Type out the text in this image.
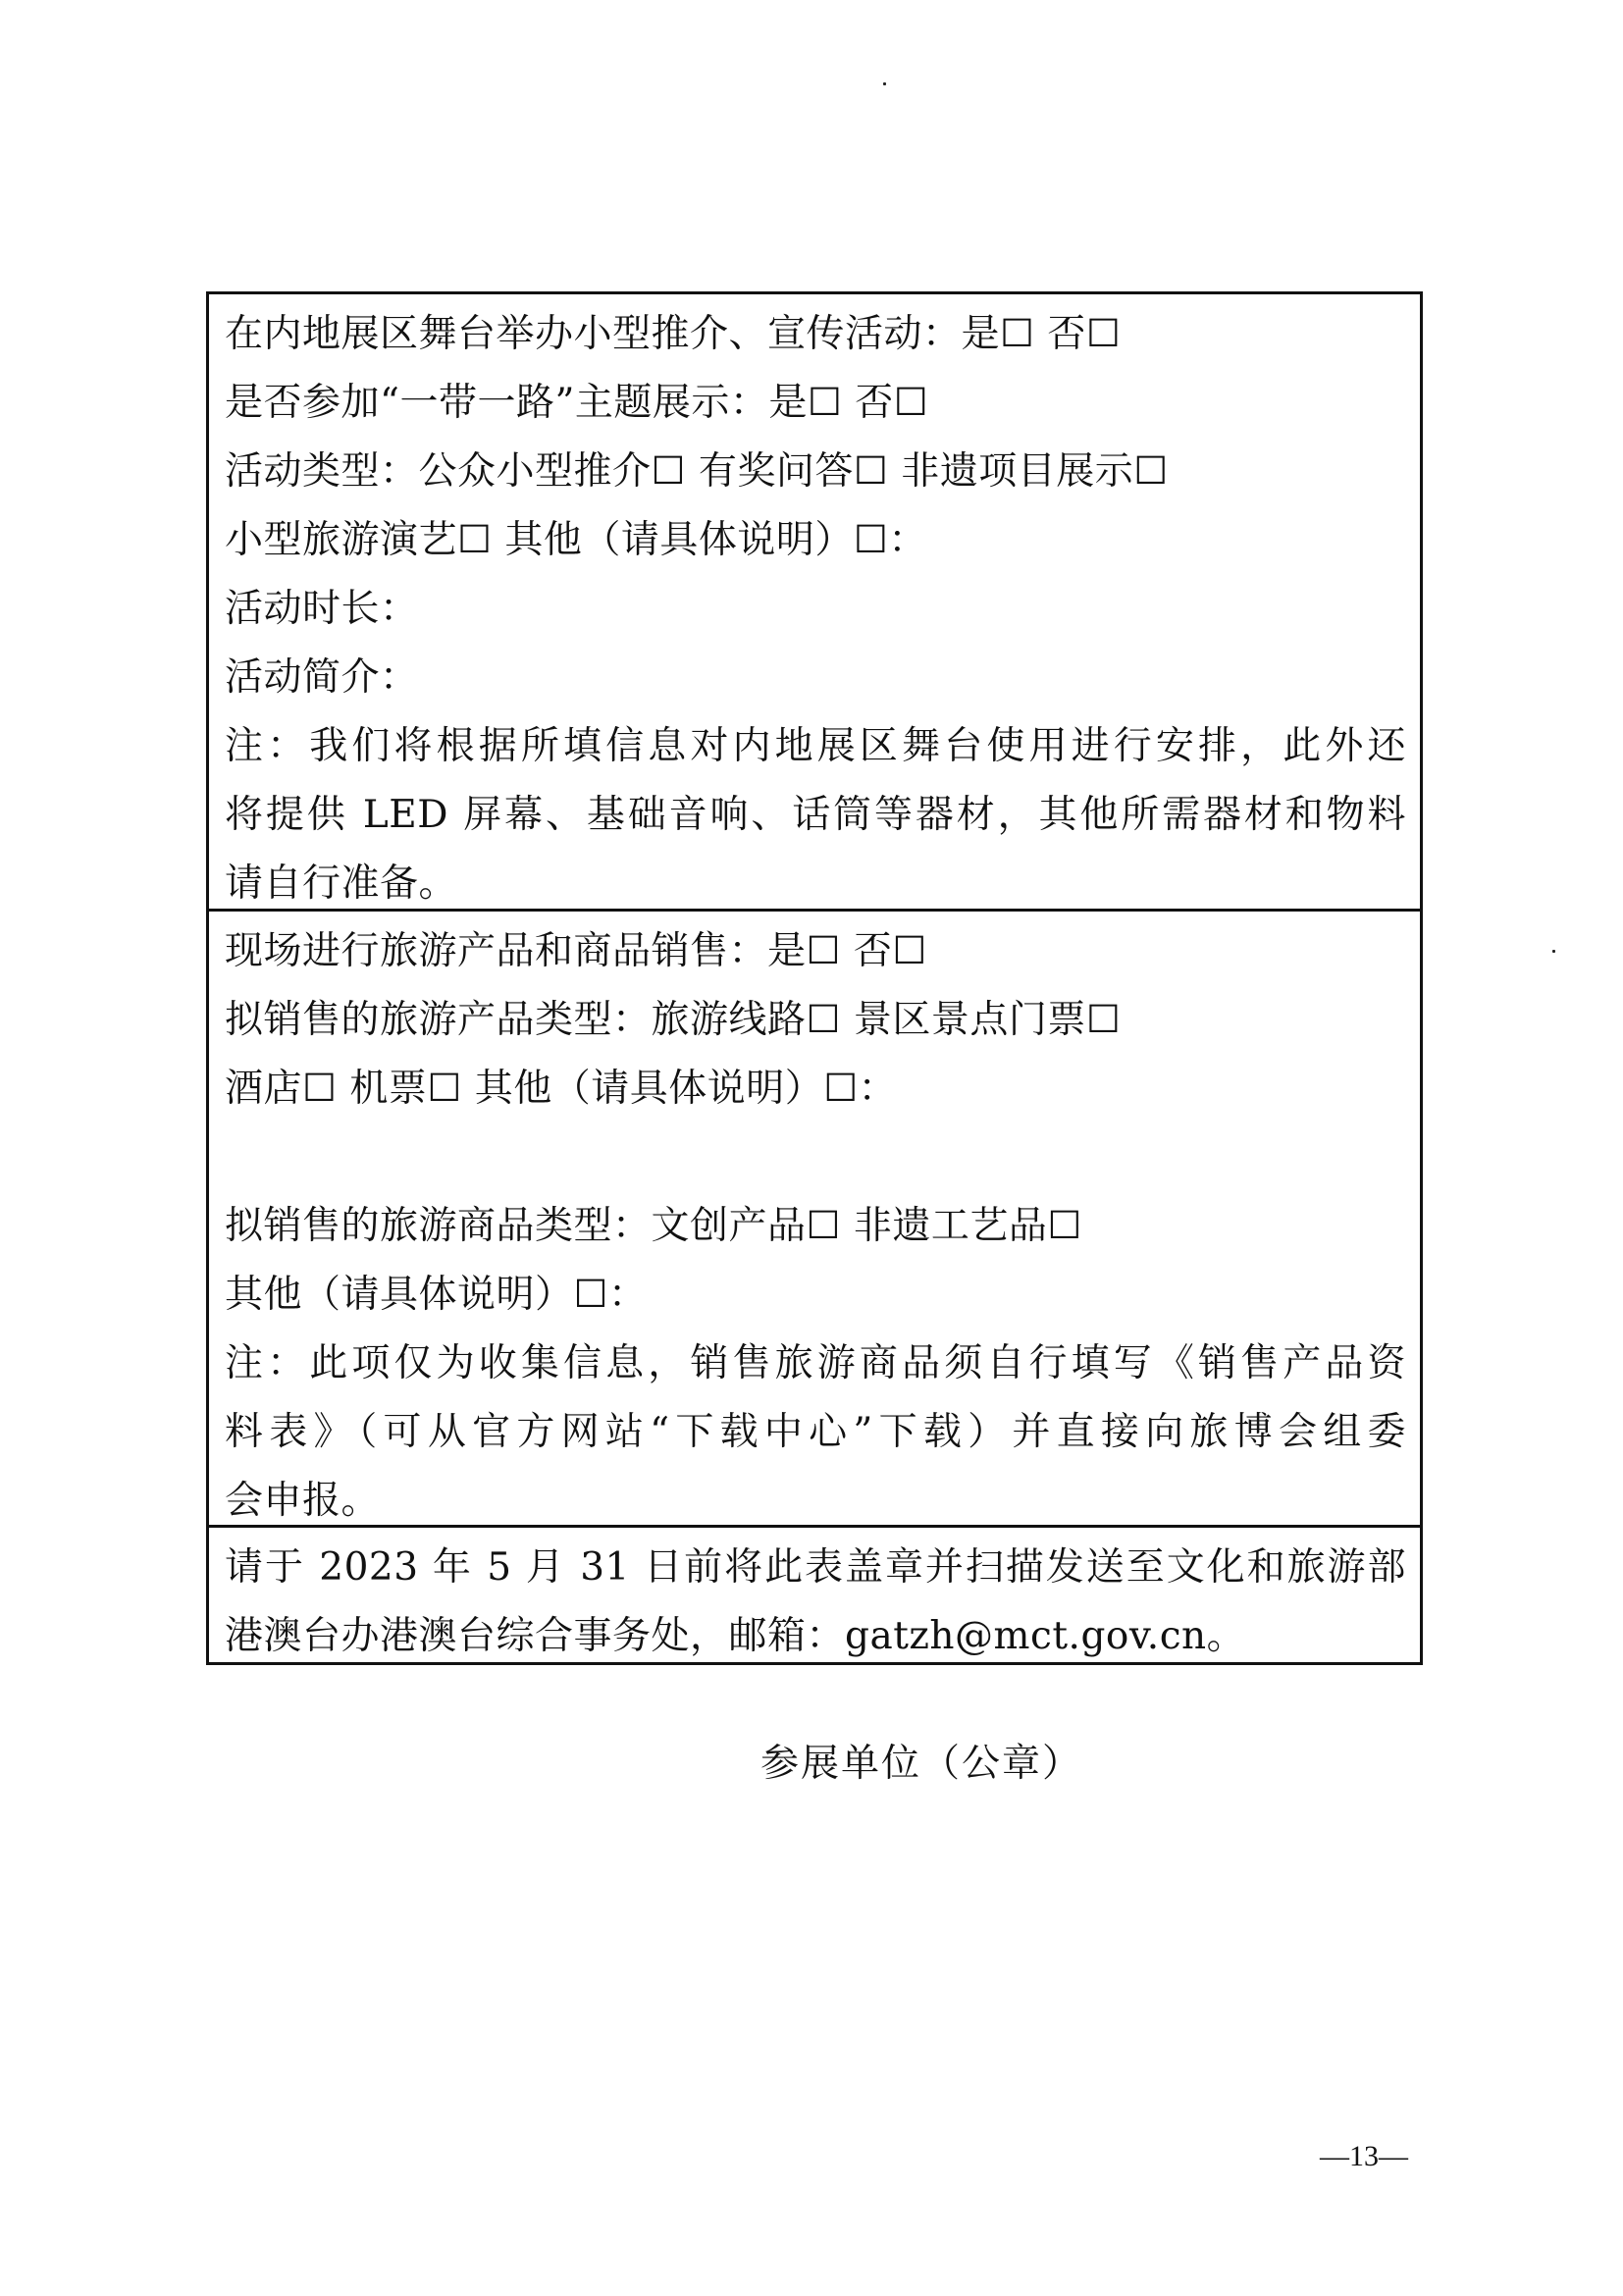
在内地展区舞台举办小型推介、宣传活动：是☐ 否☐
是否参加“一带一路”主题展示：是☐ 否☐
活动类型：公众小型推介☐ 有奖问答☐ 非遗项目展示☐
小型旅游演艺☐ 其他（请具体说明）☐：
活动时长：
活动简介：
注：我们将根据所填信息对内地展区舞台使用进行安排，此外还
将提供 LED 屏幕、基础音响、话筒等器材，其他所需器材和物料
请自行准备。
现场进行旅游产品和商品销售：是☐ 否☐
拟销售的旅游产品类型：旅游线路☐ 景区景点门票☐
酒店☐ 机票☐ 其他（请具体说明）☐：
拟销售的旅游商品类型：文创产品☐ 非遗工艺品☐
其他（请具体说明）☐：
注：此项仅为收集信息，销售旅游商品须自行填写《销售产品资
料表》（可从官方网站“下载中心”下载）并直接向旅博会组委
会申报。
请于 2023 年 5 月 31 日前将此表盖章并扫描发送至文化和旅游部
港澳台办港澳台综合事务处，邮箱：gatzh@mct.gov.cn。
参展单位（公章）
—13—
